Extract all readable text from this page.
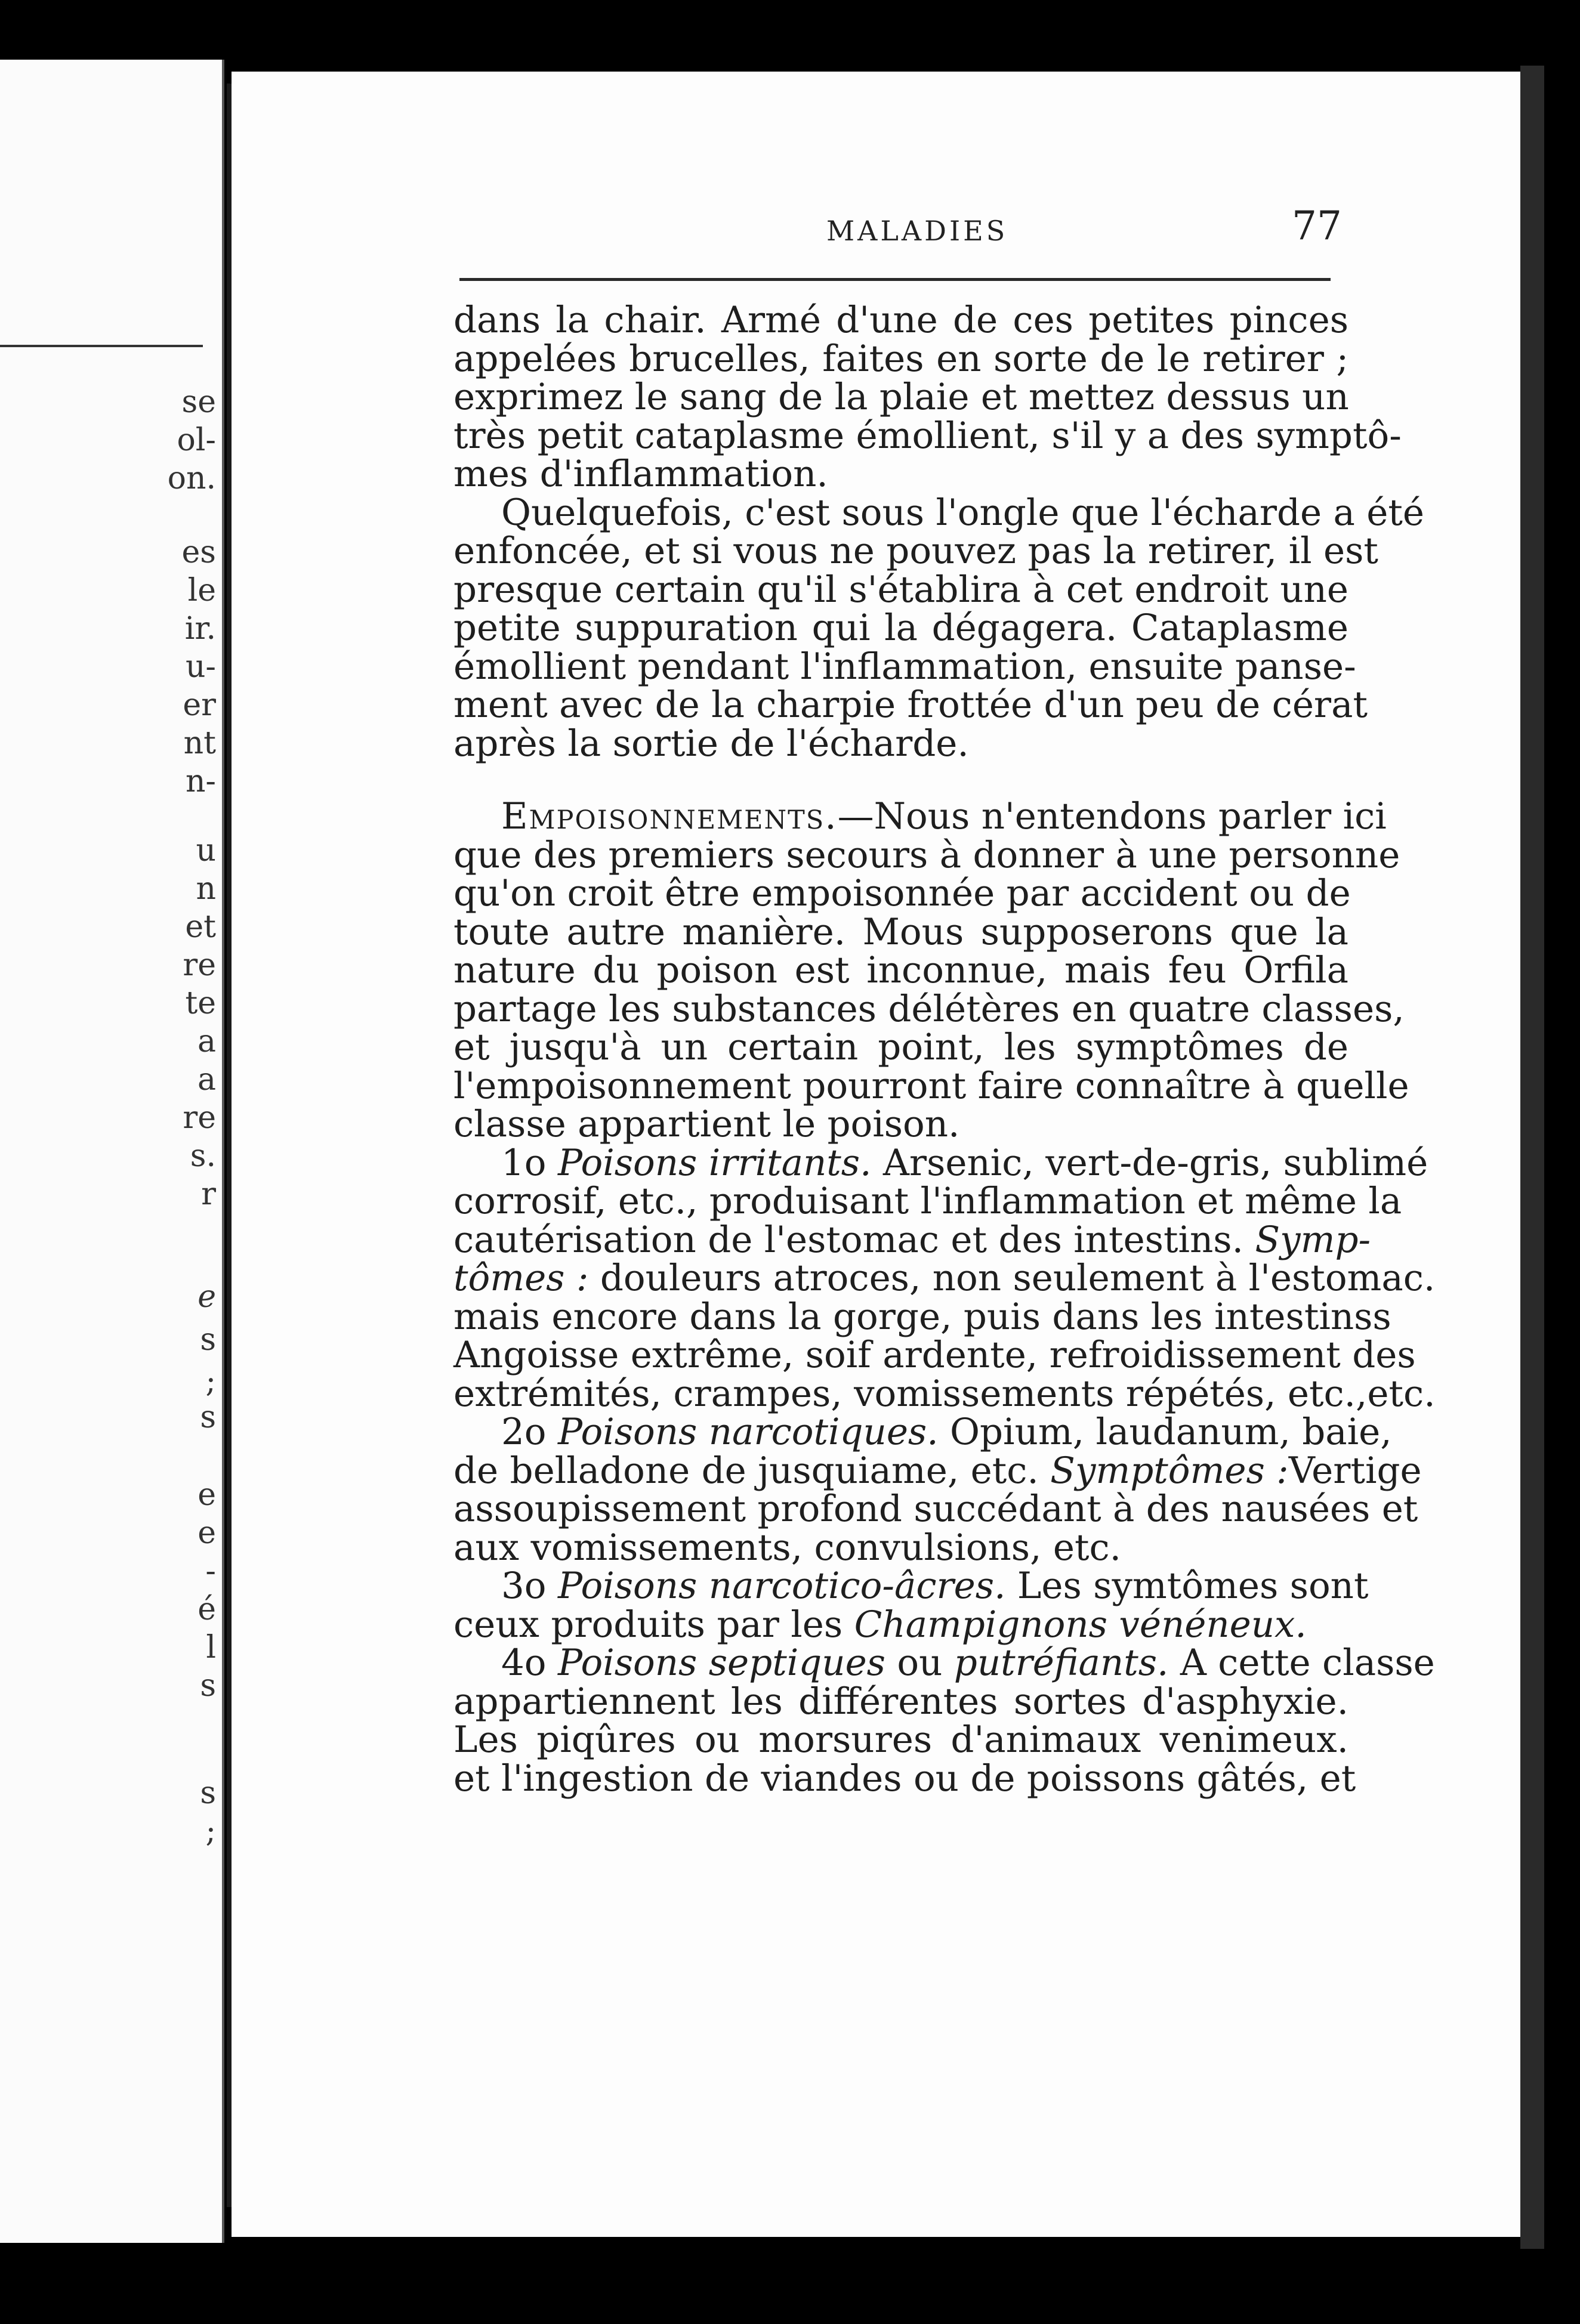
se
ol-
on.
es
le
ir.
u-
er
nt
n-
u
n
et
re
te
a
a
re
s.
r
e
s
;
s
e
e
-
é
l
s
s
;
MALADIES	77
dans la chair. Armé d'une de ces petites pinces
appelées brucelles, faites en sorte de le retirer ;
exprimez le sang de la plaie et mettez dessus un
très petit cataplasme émollient, s'il y a des symptô-
mes d'inflammation.
Quelquefois, c'est sous l'ongle que l'écharde a été
enfoncée, et si vous ne pouvez pas la retirer, il est
presque certain qu'il s'établira à cet endroit une
petite suppuration qui la dégagera. Cataplasme
émollient pendant l'inflammation, ensuite panse-
ment avec de la charpie frottée d'un peu de cérat
après la sortie de l'écharde.
Empoisonnements.—Nous n'entendons parler ici
que des premiers secours à donner à une personne
qu'on croit être empoisonnée par accident ou de
toute autre manière. Mous supposerons que la
nature du poison est inconnue, mais feu Orfila
partage les substances délétères en quatre classes,
et jusqu'à un certain point, les symptômes de
l'empoisonnement pourront faire connaître à quelle
classe appartient le poison.
1o Poisons irritants. Arsenic, vert-de-gris, sublimé
corrosif, etc., produisant l'inflammation et même la
cautérisation de l'estomac et des intestins. Symp-
tômes : douleurs atroces, non seulement à l'estomac.
mais encore dans la gorge, puis dans les intestinss
Angoisse extrême, soif ardente, refroidissement des
extrémités, crampes, vomissements répétés, etc.,etc.
2o Poisons narcotiques. Opium, laudanum, baie,
de belladone de jusquiame, etc. Symptômes :Vertige
assoupissement profond succédant à des nausées et
aux vomissements, convulsions, etc.
3o Poisons narcotico-âcres. Les symtômes sont
ceux produits par les Champignons vénéneux.
4o Poisons septiques ou putréfiants. A cette classe
appartiennent les différentes sortes d'asphyxie.
Les piqûres ou morsures d'animaux venimeux.
et l'ingestion de viandes ou de poissons gâtés, et
